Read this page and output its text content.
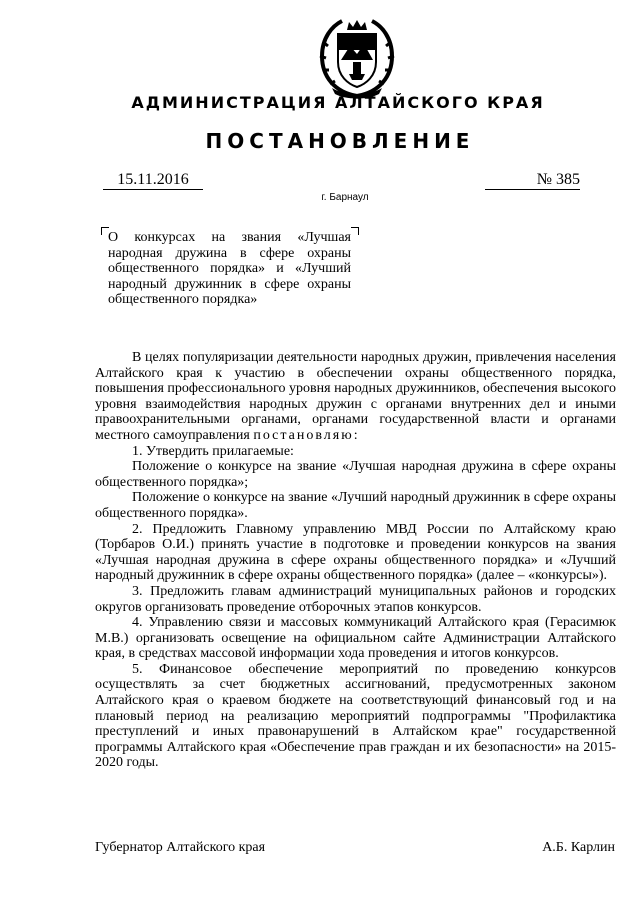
АДМИНИСТРАЦИЯ АЛТАЙСКОГО КРАЯ
ПОСТАНОВЛЕНИЕ
15.11.2016	№ 385
г. Барнаул
О конкурсах на звания «Лучшая народная дружина в сфере охраны общественного порядка» и «Лучший народный дружинник в сфере охраны общественного порядка»

В целях популяризации деятельности народных дружин, привлечения населения Алтайского края к участию в обеспечении охраны общественного порядка, повышения профессионального уровня народных дружинников, обеспечения высокого уровня взаимодействия народных дружин с органами внутренних дел и иными правоохранительными органами, органами государственной власти и органами местного самоуправления постановляю:

1. Утвердить прилагаемые:

Положение о конкурсе на звание «Лучшая народная дружина в сфере охраны общественного порядка»;

Положение о конкурсе на звание «Лучший народный дружинник в сфере охраны общественного порядка».

2. Предложить Главному управлению МВД России по Алтайскому краю (Торбаров О.И.) принять участие в подготовке и проведении конкурсов на звания «Лучшая народная дружина в сфере охраны общественного порядка» и «Лучший народный дружинник в сфере охраны общественного порядка» (далее – «конкурсы»).

3. Предложить главам администраций муниципальных районов и городских округов организовать проведение отборочных этапов конкурсов.

4. Управлению связи и массовых коммуникаций Алтайского края (Герасимюк М.В.) организовать освещение на официальном сайте Администрации Алтайского края, в средствах массовой информации хода проведения и итогов конкурсов.

5. Финансовое обеспечение мероприятий по проведению конкурсов осуществлять за счет бюджетных ассигнований, предусмотренных законом Алтайского края о краевом бюджете на соответствующий финансовый год и на плановый период на реализацию мероприятий подпрограммы "Профилактика преступлений и иных правонарушений в Алтайском крае" государственной программы Алтайского края «Обеспечение прав граждан и их безопасности» на 2015-2020 годы.

Губернатор Алтайского края	А.Б. Карлин
